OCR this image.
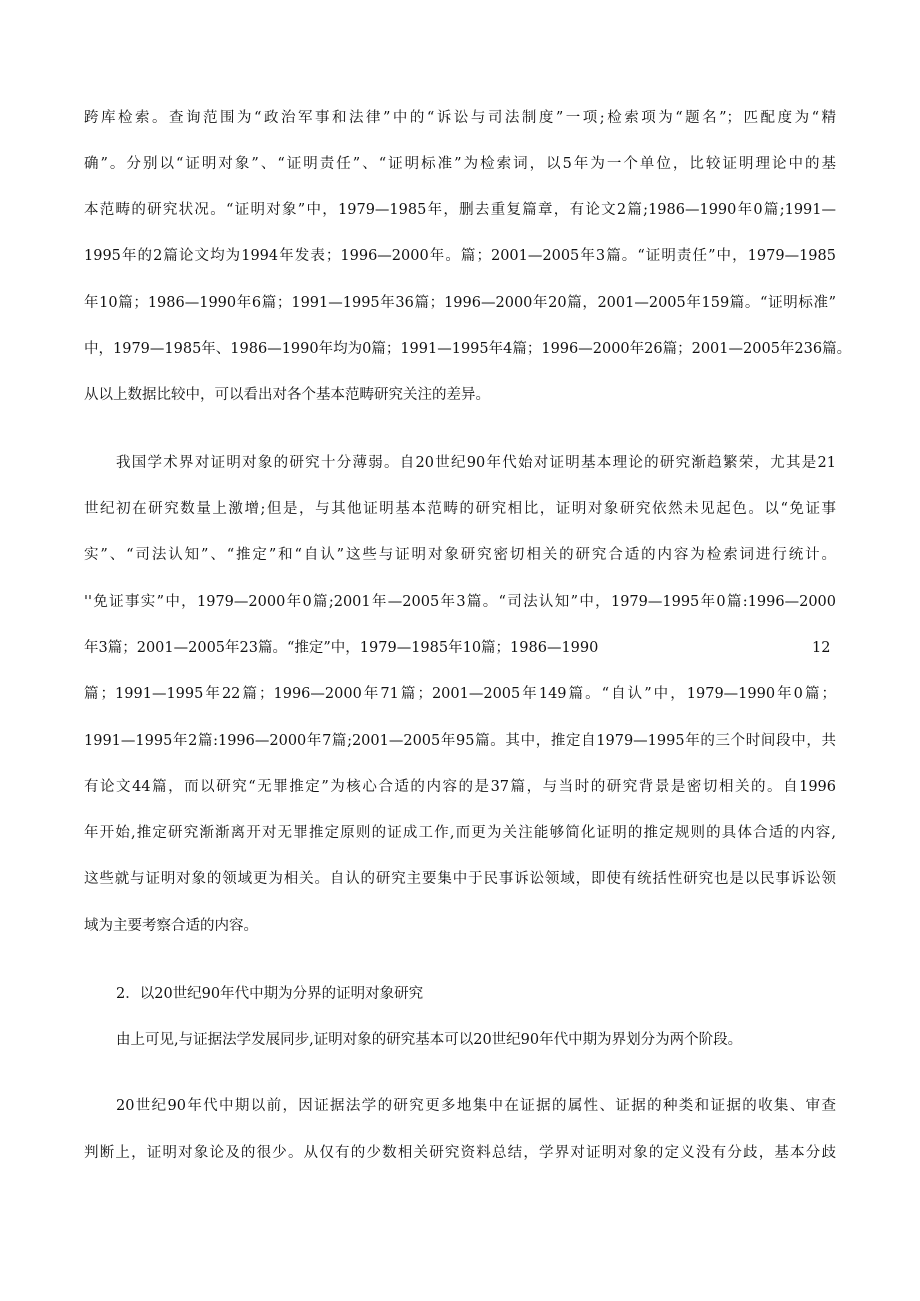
跨库检索。查询范围为“政治军事和法律”中的“诉讼与司法制度”一项;检索项为“题名”；匹配度为“精
确”。分别以“证明对象”、“证明责任”、“证明标准”为检索词，以5年为一个单位，比较证明理论中的基
本范畴的研究状况。“证明对象”中，1979—1985年，删去重复篇章，有论文2篇;1986—1990年0篇;1991—
1995年的2篇论文均为1994年发表；1996—2000年。篇；2001—2005年3篇。“证明责任”中，1979—1985
年10篇；1986—1990年6篇；1991—1995年36篇；1996—2000年20篇，2001—2005年159篇。“证明标准”
中，1979—1985年、1986—1990年均为0篇；1991—1995年4篇；1996—2000年26篇；2001—2005年236篇。
从以上数据比较中，可以看出对各个基本范畴研究关注的差异。
我国学术界对证明对象的研究十分薄弱。自20世纪90年代始对证明基本理论的研究渐趋繁荣，尤其是21
世纪初在研究数量上激增;但是，与其他证明基本范畴的研究相比，证明对象研究依然未见起色。以“免证事
实”、“司法认知”、“推定”和“自认”这些与证明对象研究密切相关的研究合适的内容为检索词进行统计。
''免证事实”中，1979—2000年0篇;2001年—2005年3篇。“司法认知”中，1979—1995年0篇:1996—2000
年3篇；2001—2005年23篇。“推定”中，1979—1985年10篇；1986—1990	12
篇；1991—1995年22篇；1996—2000年71篇；2001—2005年149篇。“自认”中，1979—1990年0篇；
1991—1995年2篇:1996—2000年7篇;2001—2005年95篇。其中，推定自1979—1995年的三个时间段中，共
有论文44篇，而以研究“无罪推定”为核心合适的内容的是37篇，与当时的研究背景是密切相关的。自1996
年开始,推定研究渐渐离开对无罪推定原则的证成工作,而更为关注能够简化证明的推定规则的具体合适的内容,
这些就与证明对象的领域更为相关。自认的研究主要集中于民事诉讼领域，即使有统括性研究也是以民事诉讼领
域为主要考察合适的内容。
2．以20世纪90年代中期为分界的证明对象研究
由上可见,与证据法学发展同步,证明对象的研究基本可以20世纪90年代中期为界划分为两个阶段。
20世纪90年代中期以前，因证据法学的研究更多地集中在证据的属性、证据的种类和证据的收集、审查
判断上，证明对象论及的很少。从仅有的少数相关研究资料总结，学界对证明对象的定义没有分歧，基本分歧
